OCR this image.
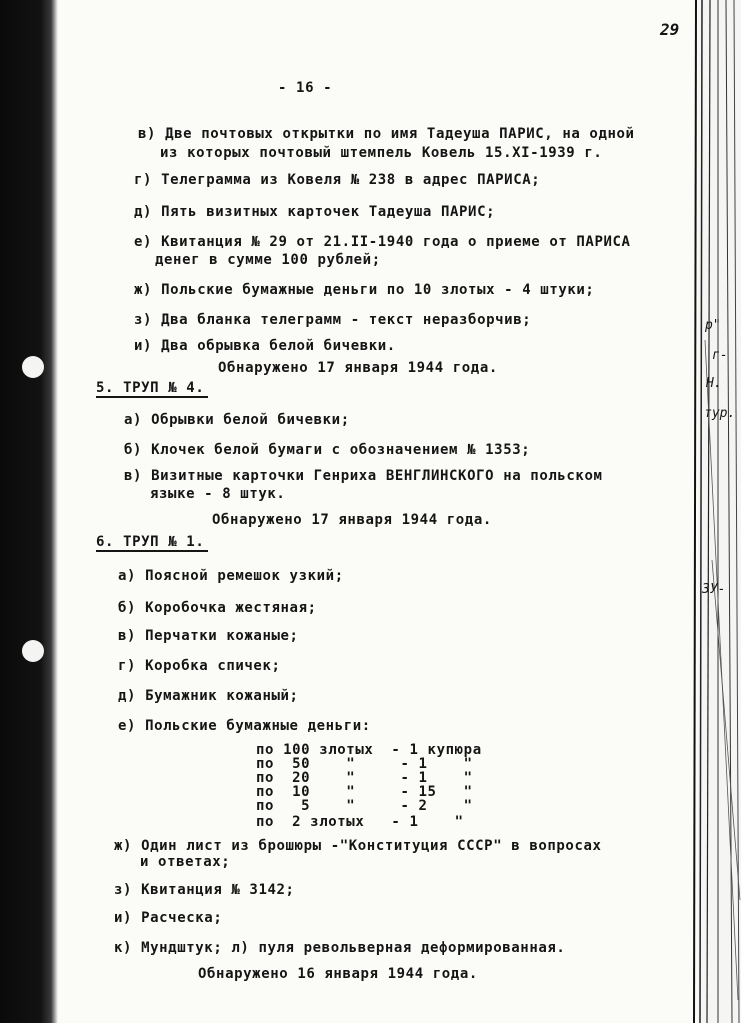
29
р"
г-
Н.
тур.
ЗУ-
- 16 -
в) Две почтовых открытки по имя Тадеуша ПАРИС, на одной
из которых почтовый штемпель Ковель 15.XI-1939 г.
г) Телеграмма из Ковеля № 238 в адрес ПАРИСА;
д) Пять визитных карточек Тадеуша ПАРИС;
е) Квитанция № 29 от 21.II-1940 года о приеме от ПАРИСА
денег в сумме 100 рублей;
ж) Польские бумажные деньги по 10 злотых - 4 штуки;
з) Два бланка телеграмм - текст неразборчив;
и) Два обрывка белой бичевки.
Обнаружено 17 января 1944 года.
5. ТРУП № 4.
а) Обрывки белой бичевки;
б) Клочек белой бумаги с обозначением № 1353;
в) Визитные карточки Генриха ВЕНГЛИНСКОГО на польском
языке - 8 штук.
Обнаружено 17 января 1944 года.
6. ТРУП № 1.
а) Поясной ремешок узкий;
б) Коробочка жестяная;
в) Перчатки кожаные;
г) Коробка спичек;
д) Бумажник кожаный;
е) Польские бумажные деньги:
по 100 злотых  - 1 купюра
по  50    "     - 1    "
по  20    "     - 1    "
по  10    "     - 15   "
по   5    "     - 2    "
по  2 злотых   - 1    "
ж) Один лист из брошюры -"Конституция СССР" в вопросах
и ответах;
з) Квитанция № 3142;
и) Расческа;
к) Мундштук; л) пуля револьверная деформированная.
Обнаружено 16 января 1944 года.
